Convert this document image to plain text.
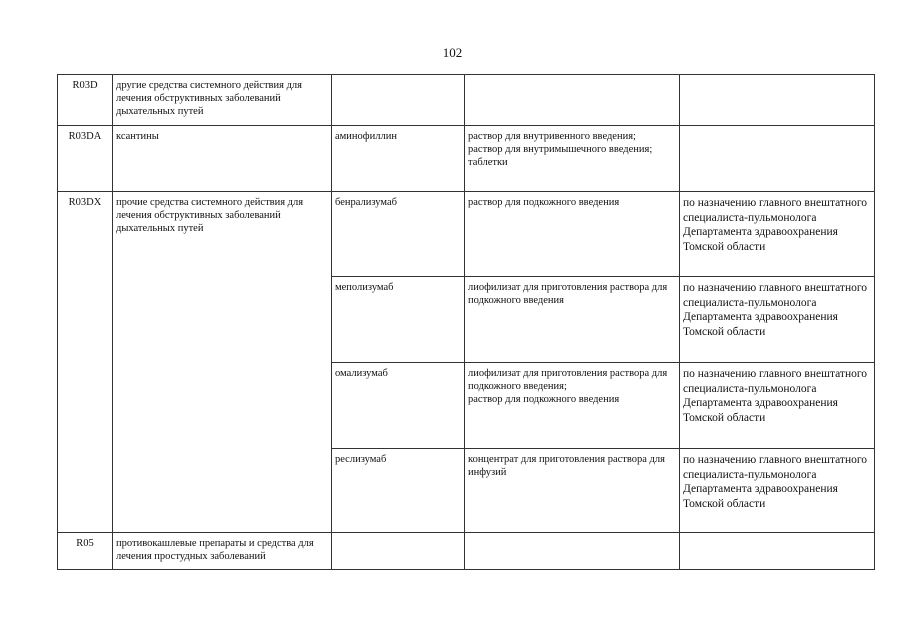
102
R03D	другие средства системного действия для лечения обструктивных заболеваний дыхательных путей			
R03DA	ксантины	аминофиллин	раствор для внутривенного введения;
раствор для внутримышечного введения;
таблетки	
R03DX	прочие средства системного действия для лечения обструктивных заболеваний дыхательных путей	бенрализумаб	раствор для подкожного введения	по назначению главного внештатного специалиста-пульмонолога Департамента здравоохранения Томской области
		меполизумаб	лиофилизат для приготовления раствора для подкожного введения	по назначению главного внештатного специалиста-пульмонолога Департамента здравоохранения Томской области
		омализумаб	лиофилизат для приготовления раствора для подкожного введения;
раствор для подкожного введения	по назначению главного внештатного специалиста-пульмонолога Департамента здравоохранения Томской области
		реслизумаб	концентрат для приготовления раствора для инфузий	по назначению главного внештатного специалиста-пульмонолога Департамента здравоохранения Томской области
R05	противокашлевые препараты и средства для лечения простудных заболеваний			
